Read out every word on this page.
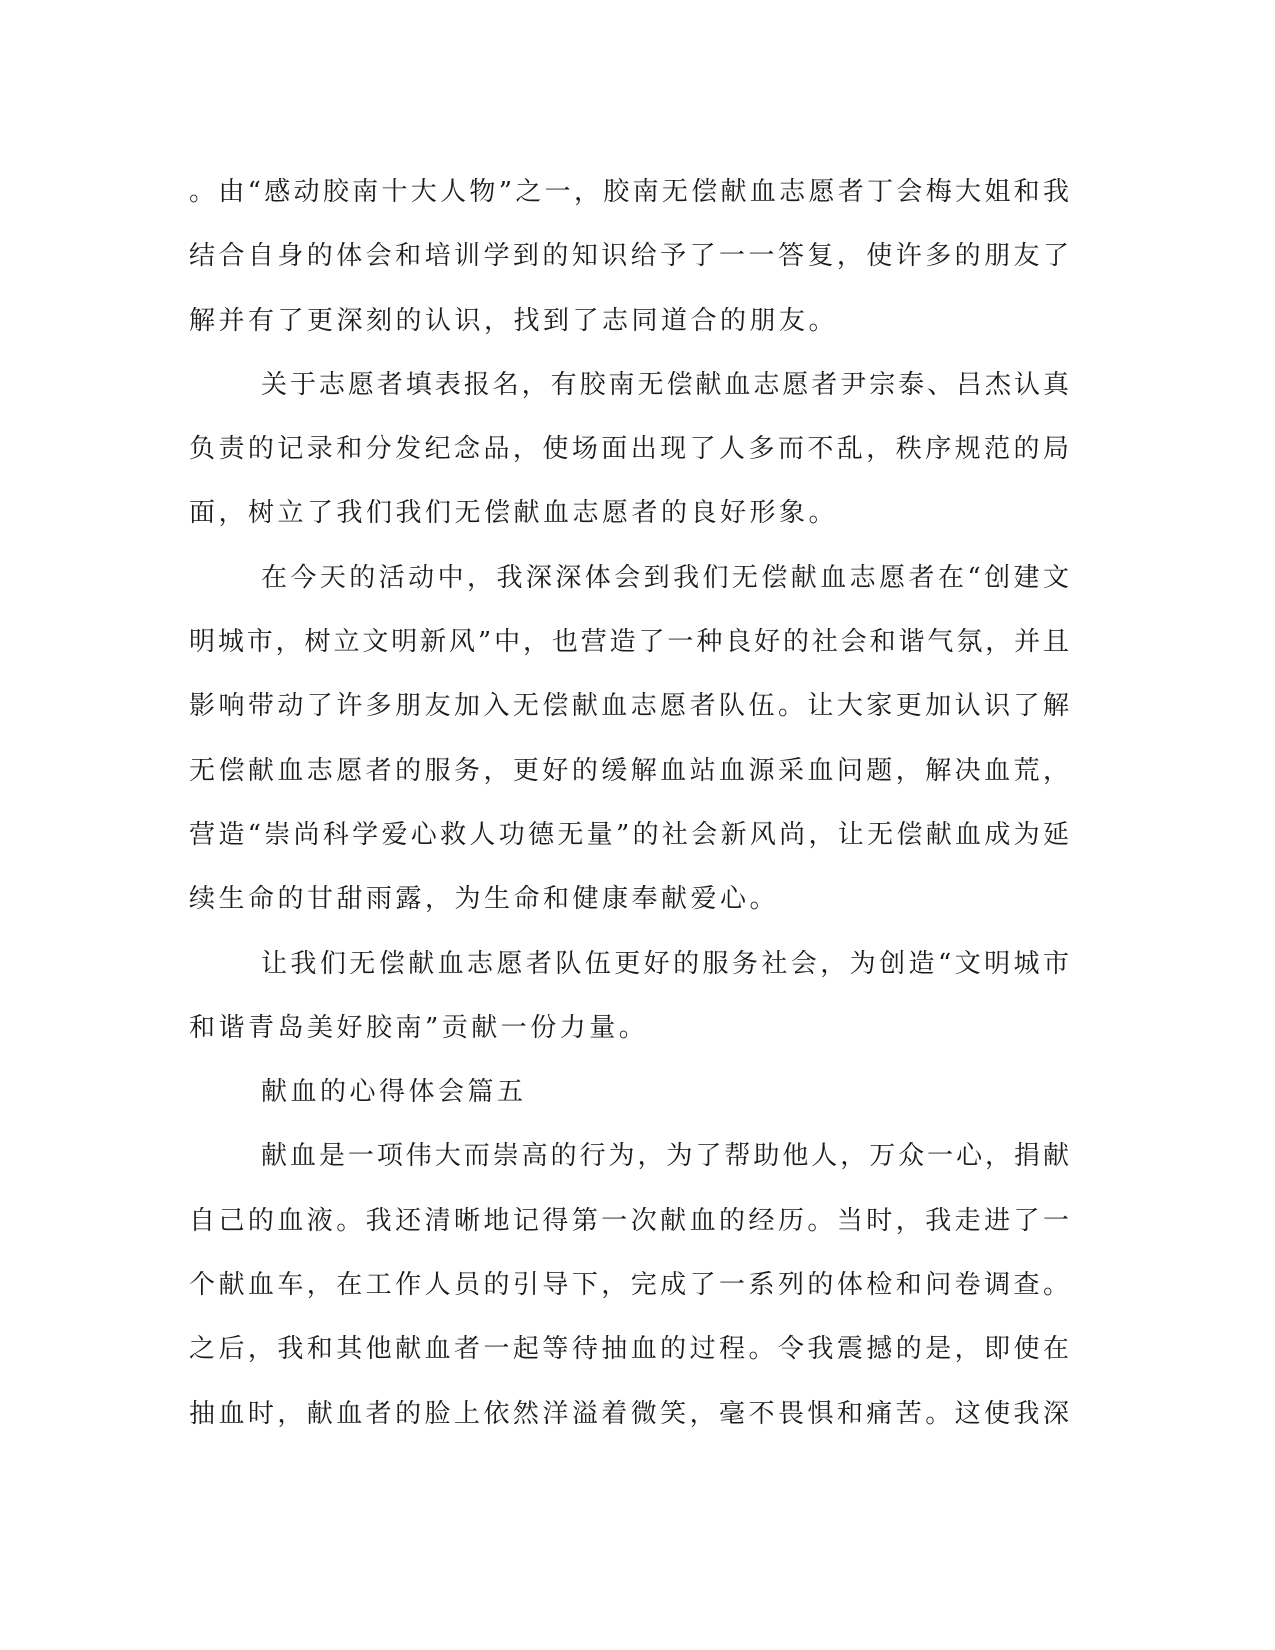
。由“感动胶南十大人物”之一，胶南无偿献血志愿者丁会梅大姐和我
结合自身的体会和培训学到的知识给予了一一答复，使许多的朋友了
解并有了更深刻的认识，找到了志同道合的朋友。
关于志愿者填表报名，有胶南无偿献血志愿者尹宗泰、吕杰认真
负责的记录和分发纪念品，使场面出现了人多而不乱，秩序规范的局
面，树立了我们我们无偿献血志愿者的良好形象。
在今天的活动中，我深深体会到我们无偿献血志愿者在“创建文
明城市，树立文明新风”中，也营造了一种良好的社会和谐气氛，并且
影响带动了许多朋友加入无偿献血志愿者队伍。让大家更加认识了解
无偿献血志愿者的服务，更好的缓解血站血源采血问题，解决血荒，
营造“崇尚科学爱心救人功德无量”的社会新风尚，让无偿献血成为延
续生命的甘甜雨露，为生命和健康奉献爱心。
让我们无偿献血志愿者队伍更好的服务社会，为创造“文明城市
和谐青岛美好胶南”贡献一份力量。
献血的心得体会篇五
献血是一项伟大而崇高的行为，为了帮助他人，万众一心，捐献
自己的血液。我还清晰地记得第一次献血的经历。当时，我走进了一
个献血车，在工作人员的引导下，完成了一系列的体检和问卷调查。
之后，我和其他献血者一起等待抽血的过程。令我震撼的是，即使在
抽血时，献血者的脸上依然洋溢着微笑，毫不畏惧和痛苦。这使我深
